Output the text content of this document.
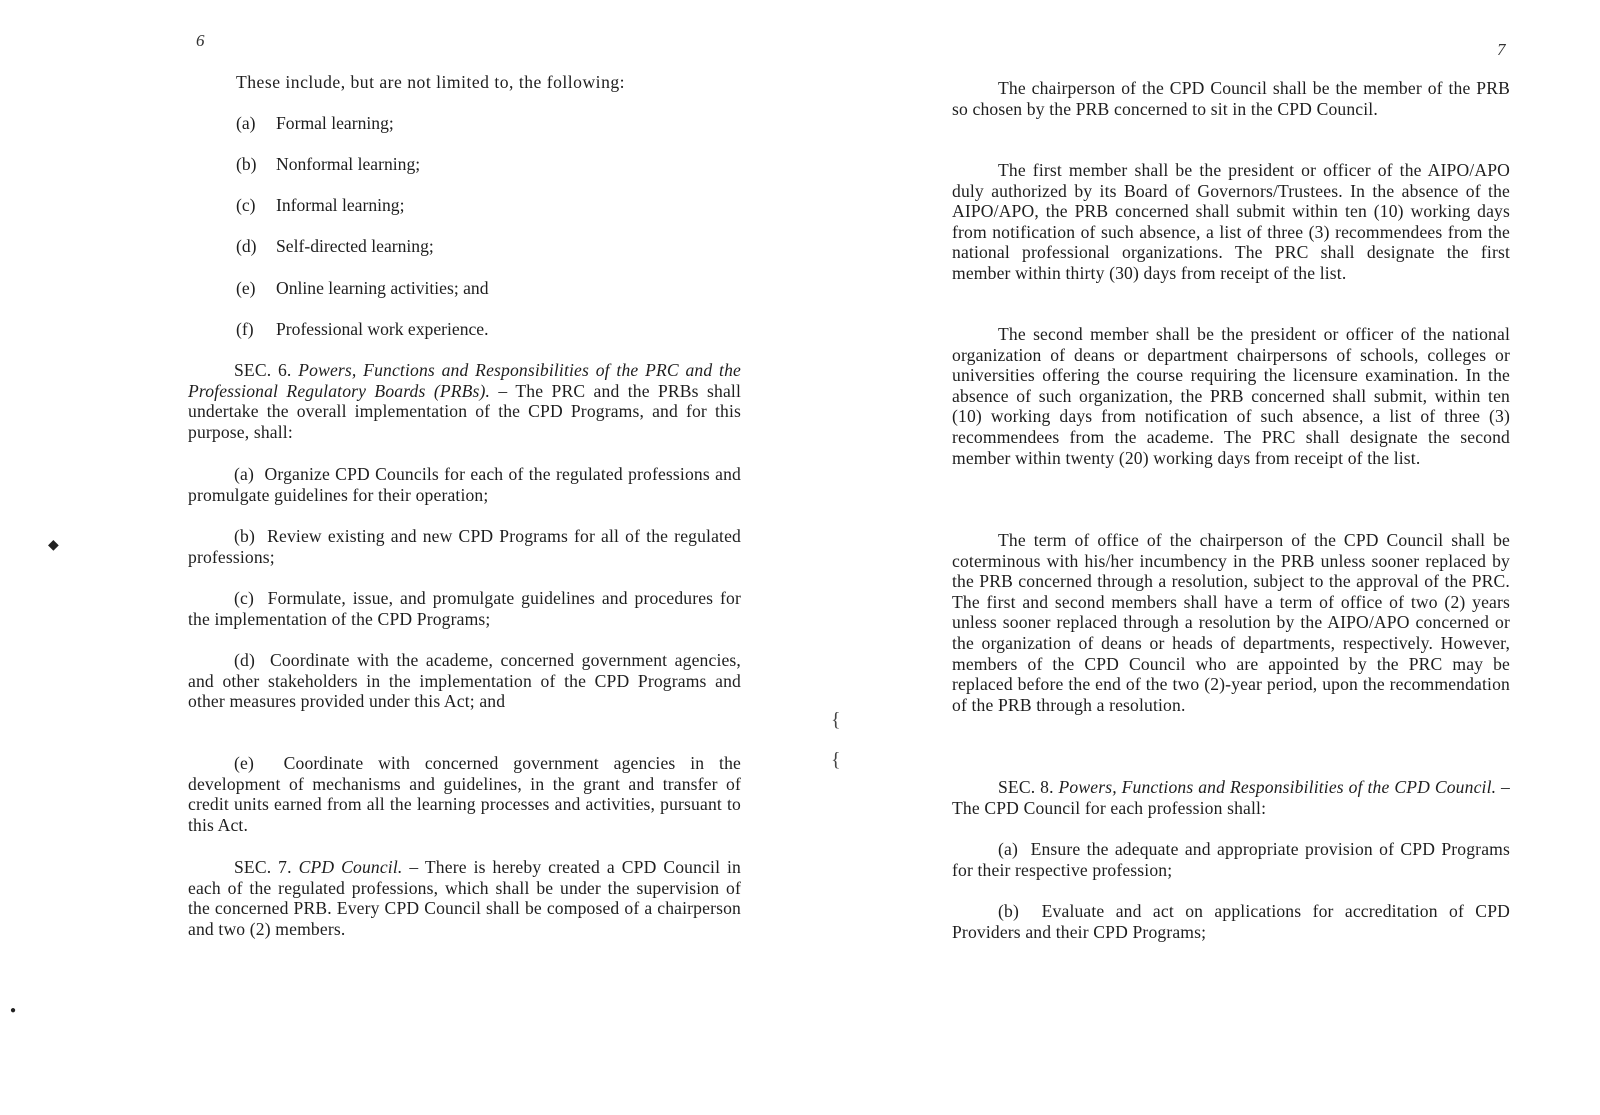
6

These include, but are not limited to, the following:

(a) Formal learning;
(b) Nonformal learning;
(c) Informal learning;
(d) Self-directed learning;
(e) Online learning activities; and
(f) Professional work experience.

SEC. 6. Powers, Functions and Responsibilities of the PRC and the Professional Regulatory Boards (PRBs). – The PRC and the PRBs shall undertake the overall implementation of the CPD Programs, and for this purpose, shall:

(a) Organize CPD Councils for each of the regulated professions and promulgate guidelines for their operation;

(b) Review existing and new CPD Programs for all of the regulated professions;

(c) Formulate, issue, and promulgate guidelines and procedures for the implementation of the CPD Programs;

(d) Coordinate with the academe, concerned government agencies, and other stakeholders in the implementation of the CPD Programs and other measures provided under this Act; and

(e) Coordinate with concerned government agencies in the development of mechanisms and guidelines, in the grant and transfer of credit units earned from all the learning processes and activities, pursuant to this Act.

SEC. 7. CPD Council. – There is hereby created a CPD Council in each of the regulated professions, which shall be under the supervision of the concerned PRB. Every CPD Council shall be composed of a chairperson and two (2) members.

◆
●
{
{
7

The chairperson of the CPD Council shall be the member of the PRB so chosen by the PRB concerned to sit in the CPD Council.

The first member shall be the president or officer of the AIPO/APO duly authorized by its Board of Governors/Trustees. In the absence of the AIPO/APO, the PRB concerned shall submit within ten (10) working days from notification of such absence, a list of three (3) recommendees from the national professional organizations. The PRC shall designate the first member within thirty (30) days from receipt of the list.

The second member shall be the president or officer of the national organization of deans or department chairpersons of schools, colleges or universities offering the course requiring the licensure examination. In the absence of such organization, the PRB concerned shall submit, within ten (10) working days from notification of such absence, a list of three (3) recommendees from the academe. The PRC shall designate the second member within twenty (20) working days from receipt of the list.

The term of office of the chairperson of the CPD Council shall be coterminous with his/her incumbency in the PRB unless sooner replaced by the PRB concerned through a resolution, subject to the approval of the PRC. The first and second members shall have a term of office of two (2) years unless sooner replaced through a resolution by the AIPO/APO concerned or the organization of deans or heads of departments, respectively. However, members of the CPD Council who are appointed by the PRC may be replaced before the end of the two (2)-year period, upon the recommendation of the PRB through a resolution.

SEC. 8. Powers, Functions and Responsibilities of the CPD Council. – The CPD Council for each profession shall:

(a) Ensure the adequate and appropriate provision of CPD Programs for their respective profession;

(b) Evaluate and act on applications for accreditation of CPD Providers and their CPD Programs;
